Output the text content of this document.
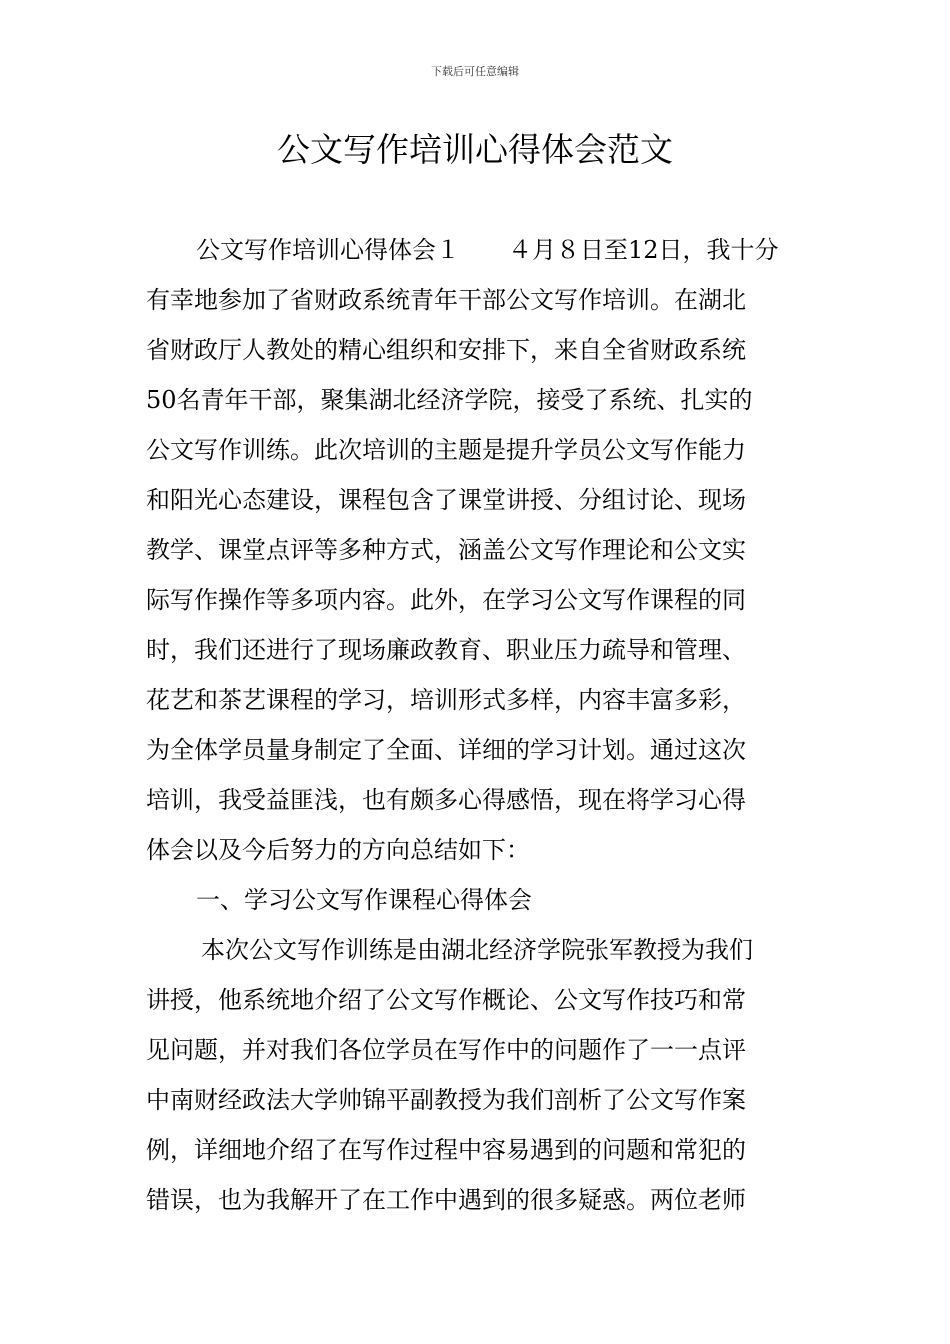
下载后可任意编辑
公文写作培训心得体会范文
公文写作培训心得体会１　　４月８日至12日，我十分
有幸地参加了省财政系统青年干部公文写作培训。在湖北
省财政厅人教处的精心组织和安排下，来自全省财政系统
50名青年干部，聚集湖北经济学院，接受了系统、扎实的
公文写作训练。此次培训的主题是提升学员公文写作能力
和阳光心态建设，课程包含了课堂讲授、分组讨论、现场
教学、课堂点评等多种方式，涵盖公文写作理论和公文实
际写作操作等多项内容。此外，在学习公文写作课程的同
时，我们还进行了现场廉政教育、职业压力疏导和管理、
花艺和茶艺课程的学习，培训形式多样，内容丰富多彩，
为全体学员量身制定了全面、详细的学习计划。通过这次
培训，我受益匪浅，也有颇多心得感悟，现在将学习心得
体会以及今后努力的方向总结如下：
一、学习公文写作课程心得体会
本次公文写作训练是由湖北经济学院张军教授为我们
讲授，他系统地介绍了公文写作概论、公文写作技巧和常
见问题，并对我们各位学员在写作中的问题作了一一点评
中南财经政法大学帅锦平副教授为我们剖析了公文写作案
例，详细地介绍了在写作过程中容易遇到的问题和常犯的
错误，也为我解开了在工作中遇到的很多疑惑。两位老师
